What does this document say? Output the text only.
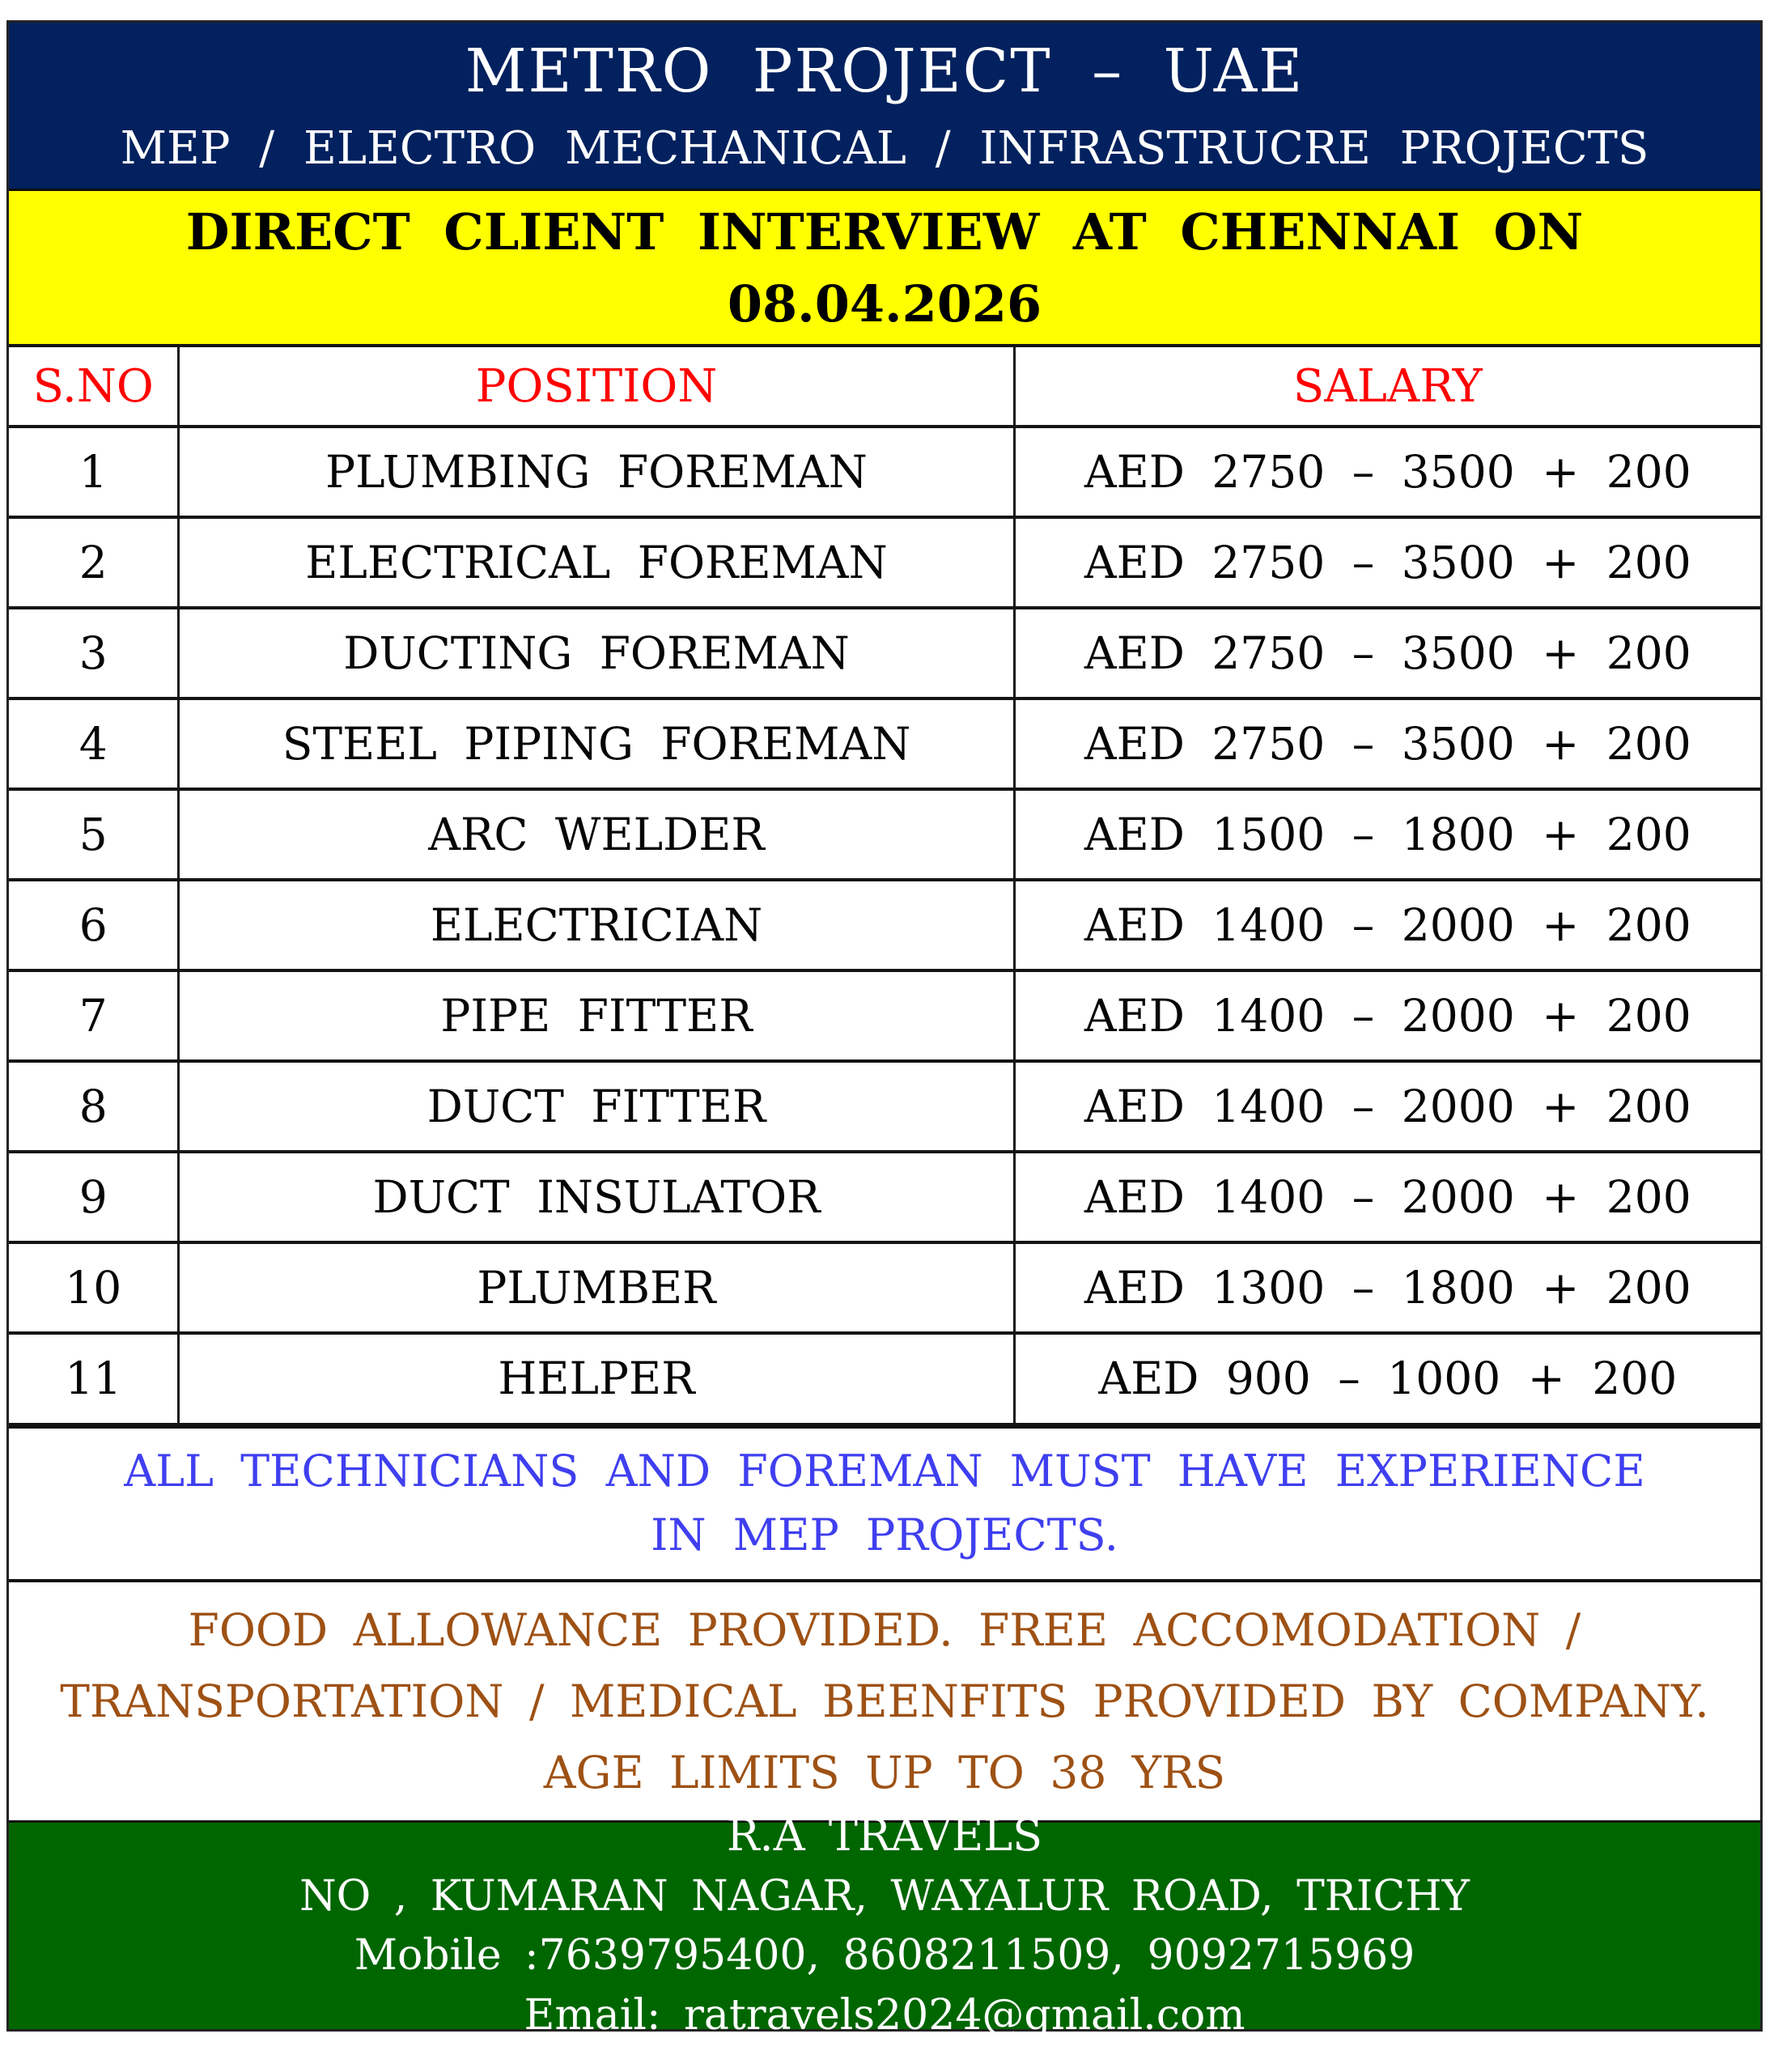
METRO PROJECT – UAE
MEP / ELECTRO MECHANICAL / INFRASTRUCRE PROJECTS
DIRECT CLIENT INTERVIEW AT CHENNAI ON
08.04.2026
S.NO	POSITION	SALARY
1	PLUMBING FOREMAN	AED 2750 – 3500 + 200
2	ELECTRICAL FOREMAN	AED 2750 – 3500 + 200
3	DUCTING FOREMAN	AED 2750 – 3500 + 200
4	STEEL PIPING FOREMAN	AED 2750 – 3500 + 200
5	ARC WELDER	AED 1500 – 1800 + 200
6	ELECTRICIAN	AED 1400 – 2000 + 200
7	PIPE FITTER	AED 1400 – 2000 + 200
8	DUCT FITTER	AED 1400 – 2000 + 200
9	DUCT INSULATOR	AED 1400 – 2000 + 200
10	PLUMBER	AED 1300 – 1800 + 200
11	HELPER	AED 900 – 1000 + 200
ALL TECHNICIANS AND FOREMAN MUST HAVE EXPERIENCE
IN MEP PROJECTS.
FOOD ALLOWANCE PROVIDED. FREE ACCOMODATION /
TRANSPORTATION / MEDICAL BEENFITS PROVIDED BY COMPANY.
AGE LIMITS UP TO 38 YRS
R.A TRAVELS
NO , KUMARAN NAGAR, WAYALUR ROAD, TRICHY
Mobile :7639795400, 8608211509, 9092715969
Email: ratravels2024@gmail.com
